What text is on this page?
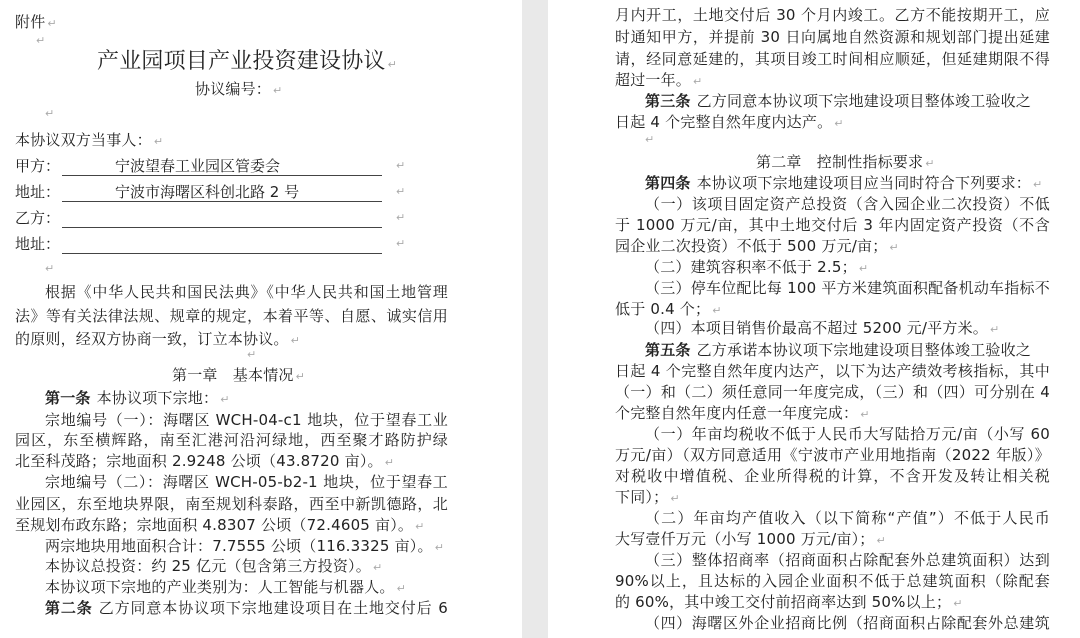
附件 ↵
↵
产业园项目产业投资建设协议 ↵
协议编号： ↵
↵
本协议双方当事人： ↵
甲方：	宁波望春工业园区管委会	↵
地址：	宁波市海曙区科创北路 2 号	↵
乙方：	↵
地址：	↵
↵
根据《中华人民共和国民法典》《中华人民共和国土地管理
法》等有关法律法规、规章的规定，本着平等、自愿、诚实信用
的原则，经双方协商一致，订立本协议。 ↵
↵
第一章　基本情况 ↵
第一条 本协议项下宗地： ↵
宗地编号（一）：海曙区 WCH-04-c1 地块，位于望春工业
园区，东至横辉路，南至汇港河沿河绿地，西至聚才路防护绿
北至科茂路；宗地面积 2.9248 公顷（43.8720 亩）。 ↵
宗地编号（二）：海曙区 WCH-05-b2-1 地块，位于望春工
业园区，东至地块界限，南至规划科泰路，西至中新凯德路，北
至规划布政东路；宗地面积 4.8307 公顷（72.4605 亩）。 ↵
两宗地块用地面积合计：7.7555 公顷（116.3325 亩）。 ↵
本协议总投资：约 25 亿元（包含第三方投资）。 ↵
本协议项下宗地的产业类别为：人工智能与机器人。 ↵
第二条 乙方同意本协议项下宗地建设项目在土地交付后 6
月内开工，土地交付后 30 个月内竣工。乙方不能按期开工，应
时通知甲方，并提前 30 日向属地自然资源和规划部门提出延建
请，经同意延建的，其项目竣工时间相应顺延，但延建期限不得
超过一年。 ↵
第三条 乙方同意本协议项下宗地建设项目整体竣工验收之
日起 4 个完整自然年度内达产。 ↵
↵
第二章　控制性指标要求 ↵
第四条 本协议项下宗地建设项目应当同时符合下列要求： ↵
（一）该项目固定资产总投资（含入园企业二次投资）不低
于 1000 万元/亩，其中土地交付后 3 年内固定资产投资（不含
园企业二次投资）不低于 500 万元/亩； ↵
（二）建筑容积率不低于 2.5； ↵
（三）停车位配比每 100 平方米建筑面积配备机动车指标不
低于 0.4 个； ↵
（四）本项目销售价最高不超过 5200 元/平方米。 ↵
第五条 乙方承诺本协议项下宗地建设项目整体竣工验收之
日起 4 个完整自然年度内达产，以下为达产绩效考核指标，其中
（一）和（二）须任意同一年度完成，（三）和（四）可分别在 4
个完整自然年度内任意一年度完成： ↵
（一）年亩均税收不低于人民币大写陆拾万元/亩（小写 60
万元/亩）（双方同意适用《宁波市产业用地指南（2022 年版）》
对税收中增值税、企业所得税的计算，不含开发及转让相关税
下同）； ↵
（二）年亩均产值收入（以下简称“产值”）不低于人民币
大写壹仟万元（小写 1000 万元/亩）； ↵
（三）整体招商率（招商面积占除配套外总建筑面积）达到
90%以上，且达标的入园企业面积不低于总建筑面积（除配套
的 60%，其中竣工交付前招商率达到 50%以上； ↵
（四）海曙区外企业招商比例（招商面积占除配套外总建筑
